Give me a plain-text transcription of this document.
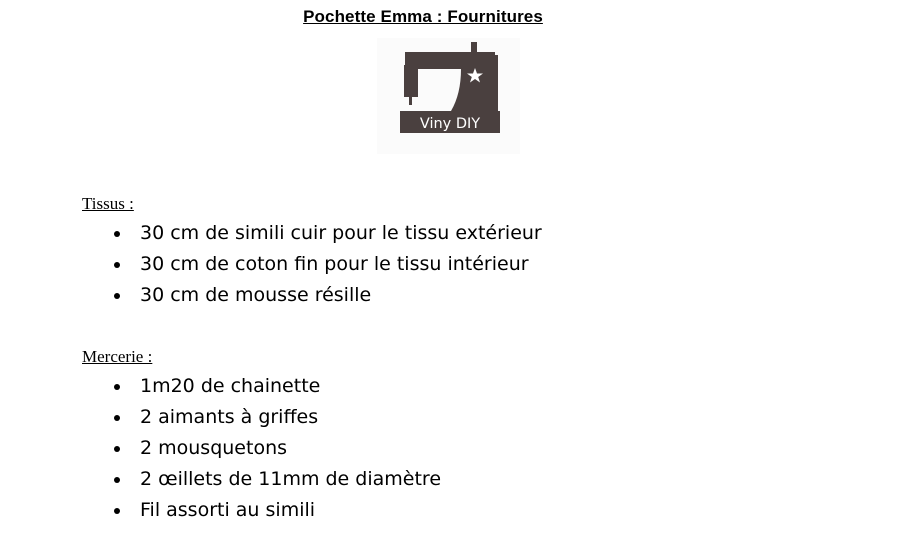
Pochette Emma : Fournitures
Viny DIY
Tissus :
30 cm de simili cuir pour le tissu extérieur
30 cm de coton fin pour le tissu intérieur
30 cm de mousse résille
Mercerie :
1m20 de chainette
2 aimants à griffes
2 mousquetons
2 œillets de 11mm de diamètre
Fil assorti au simili
